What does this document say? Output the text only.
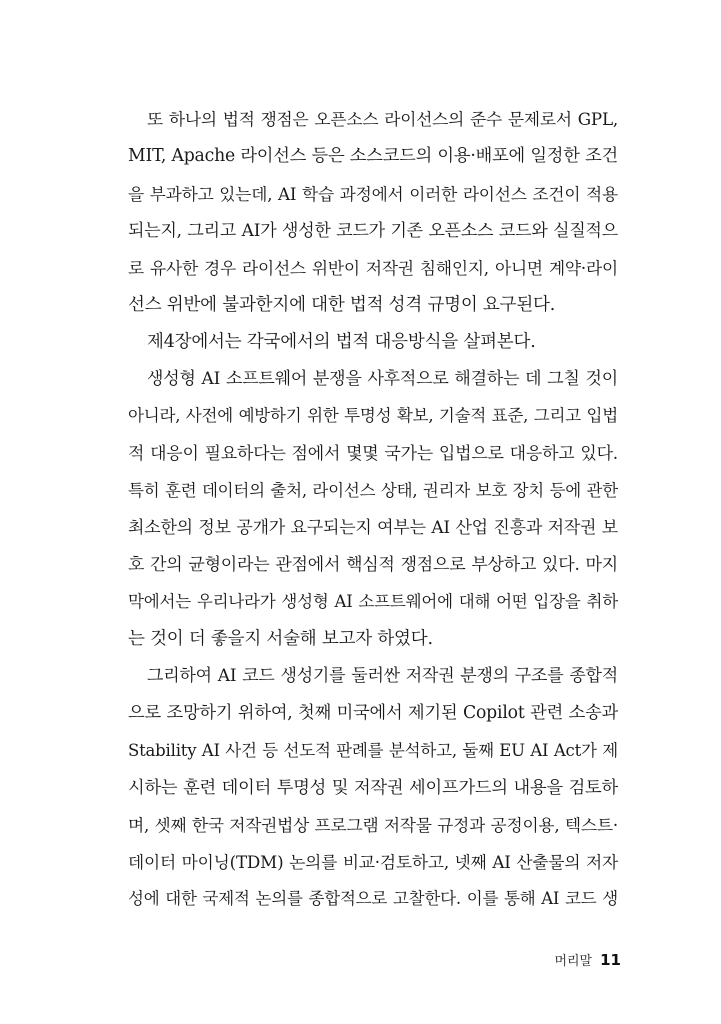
또 하나의 법적 쟁점은 오픈소스 라이선스의 준수 문제로서 GPL,
MIT, Apache 라이선스 등은 소스코드의 이용·배포에 일정한 조건
을 부과하고 있는데, AI 학습 과정에서 이러한 라이선스 조건이 적용
되는지, 그리고 AI가 생성한 코드가 기존 오픈소스 코드와 실질적으
로 유사한 경우 라이선스 위반이 저작권 침해인지, 아니면 계약·라이
선스 위반에 불과한지에 대한 법적 성격 규명이 요구된다.
제4장에서는 각국에서의 법적 대응방식을 살펴본다.
생성형 AI 소프트웨어 분쟁을 사후적으로 해결하는 데 그칠 것이
아니라, 사전에 예방하기 위한 투명성 확보, 기술적 표준, 그리고 입법
적 대응이 필요하다는 점에서 몇몇 국가는 입법으로 대응하고 있다.
특히 훈련 데이터의 출처, 라이선스 상태, 권리자 보호 장치 등에 관한
최소한의 정보 공개가 요구되는지 여부는 AI 산업 진흥과 저작권 보
호 간의 균형이라는 관점에서 핵심적 쟁점으로 부상하고 있다. 마지
막에서는 우리나라가 생성형 AI 소프트웨어에 대해 어떤 입장을 취하
는 것이 더 좋을지 서술해 보고자 하였다.
그리하여 AI 코드 생성기를 둘러싼 저작권 분쟁의 구조를 종합적
으로 조망하기 위하여, 첫째 미국에서 제기된 Copilot 관련 소송과
Stability AI 사건 등 선도적 판례를 분석하고, 둘째 EU AI Act가 제
시하는 훈련 데이터 투명성 및 저작권 세이프가드의 내용을 검토하
며, 셋째 한국 저작권법상 프로그램 저작물 규정과 공정이용, 텍스트·
데이터 마이닝(TDM) 논의를 비교·검토하고, 넷째 AI 산출물의 저자
성에 대한 국제적 논의를 종합적으로 고찰한다. 이를 통해 AI 코드 생
머리말 11
